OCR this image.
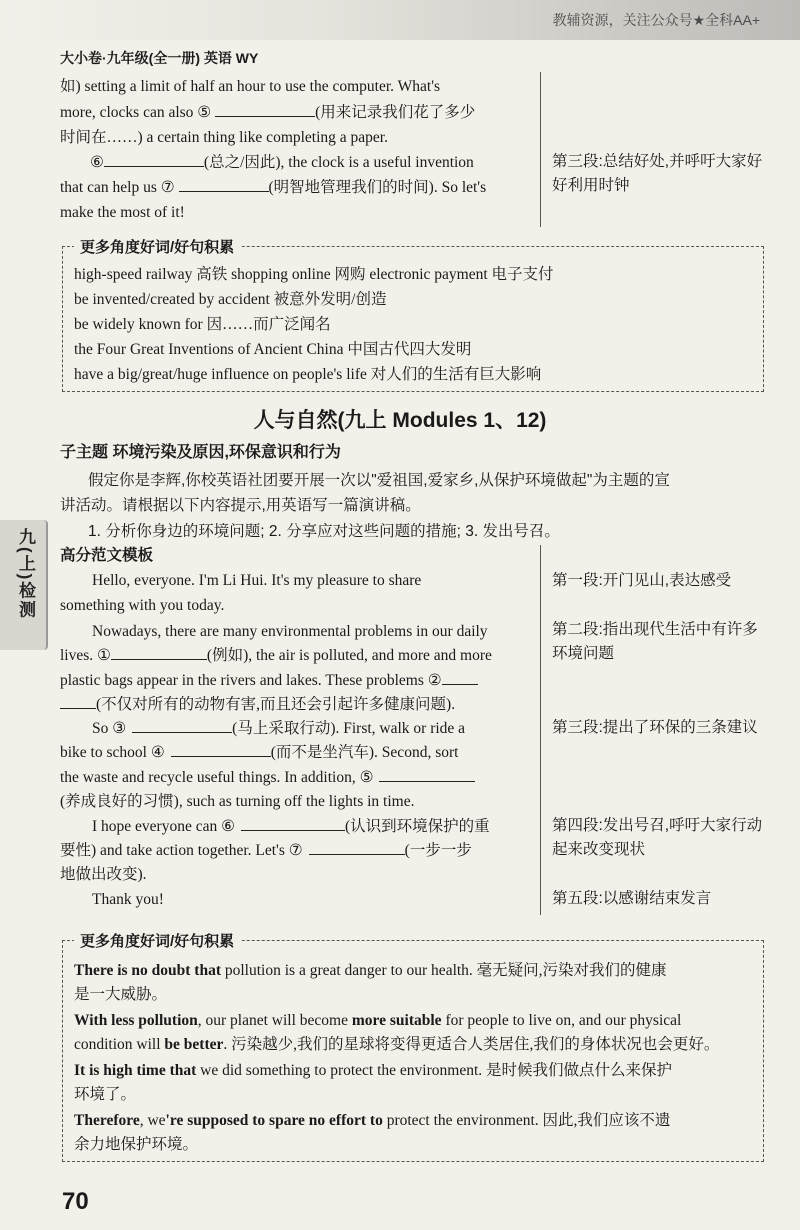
教辅资源，关注公众号★全科AA+
大小卷·九年级(全一册) 英语 WY
如) setting a limit of half an hour to use the computer. What's
more, clocks can also ⑤	(用来记录我们花了多少
时间在……) a certain thing like completing a paper.
⑥	(总之/因此), the clock is a useful invention
that can help us ⑦	(明智地管理我们的时间). So let's
make the most of it!
第三段:总结好处,并呼吁大家好好利用时钟
更多角度好词/好句积累
high-speed railway 高铁 shopping online 网购 electronic payment 电子支付
be invented/created by accident 被意外发明/创造
be widely known for 因……而广泛闻名
the Four Great Inventions of Ancient China 中国古代四大发明
have a big/great/huge influence on people's life 对人们的生活有巨大影响
人与自然(九上 Modules 1、12)
子主题 环境污染及原因,环保意识和行为
假定你是李辉,你校英语社团要开展一次以"爱祖国,爱家乡,从保护环境做起"为主题的宣
讲活动。请根据以下内容提示,用英语写一篇演讲稿。
1. 分析你身边的环境问题; 2. 分享应对这些问题的措施; 3. 发出号召。
高分范文模板
九(上)检测	Hello, everyone. I'm Li Hui. It's my pleasure to share
something with you today.
Nowadays, there are many environmental problems in our daily
lives. ①	(例如), the air is polluted, and more and more
plastic bags appear in the rivers and lakes. These problems ②
(不仅对所有的动物有害,而且还会引起许多健康问题).
So ③	(马上采取行动). First, walk or ride a
bike to school ④	(而不是坐汽车). Second, sort
the waste and recycle useful things. In addition, ⑤
(养成良好的习惯), such as turning off the lights in time.
I hope everyone can ⑥	(认识到环境保护的重
要性) and take action together. Let's ⑦	(一步一步
地做出改变).
Thank you!
第一段:开门见山,表达感受
第二段:指出现代生活中有许多环境问题
第三段:提出了环保的三条建议
第四段:发出号召,呼吁大家行动起来改变现状
第五段:以感谢结束发言
更多角度好词/好句积累
There is no doubt that pollution is a great danger to our health. 毫无疑问,污染对我们的健康
是一大威胁。
With less pollution, our planet will become more suitable for people to live on, and our physical
condition will be better. 污染越少,我们的星球将变得更适合人类居住,我们的身体状况也会更好。
It is high time that we did something to protect the environment. 是时候我们做点什么来保护
环境了。
Therefore, we're supposed to spare no effort to protect the environment. 因此,我们应该不遗
余力地保护环境。
70
